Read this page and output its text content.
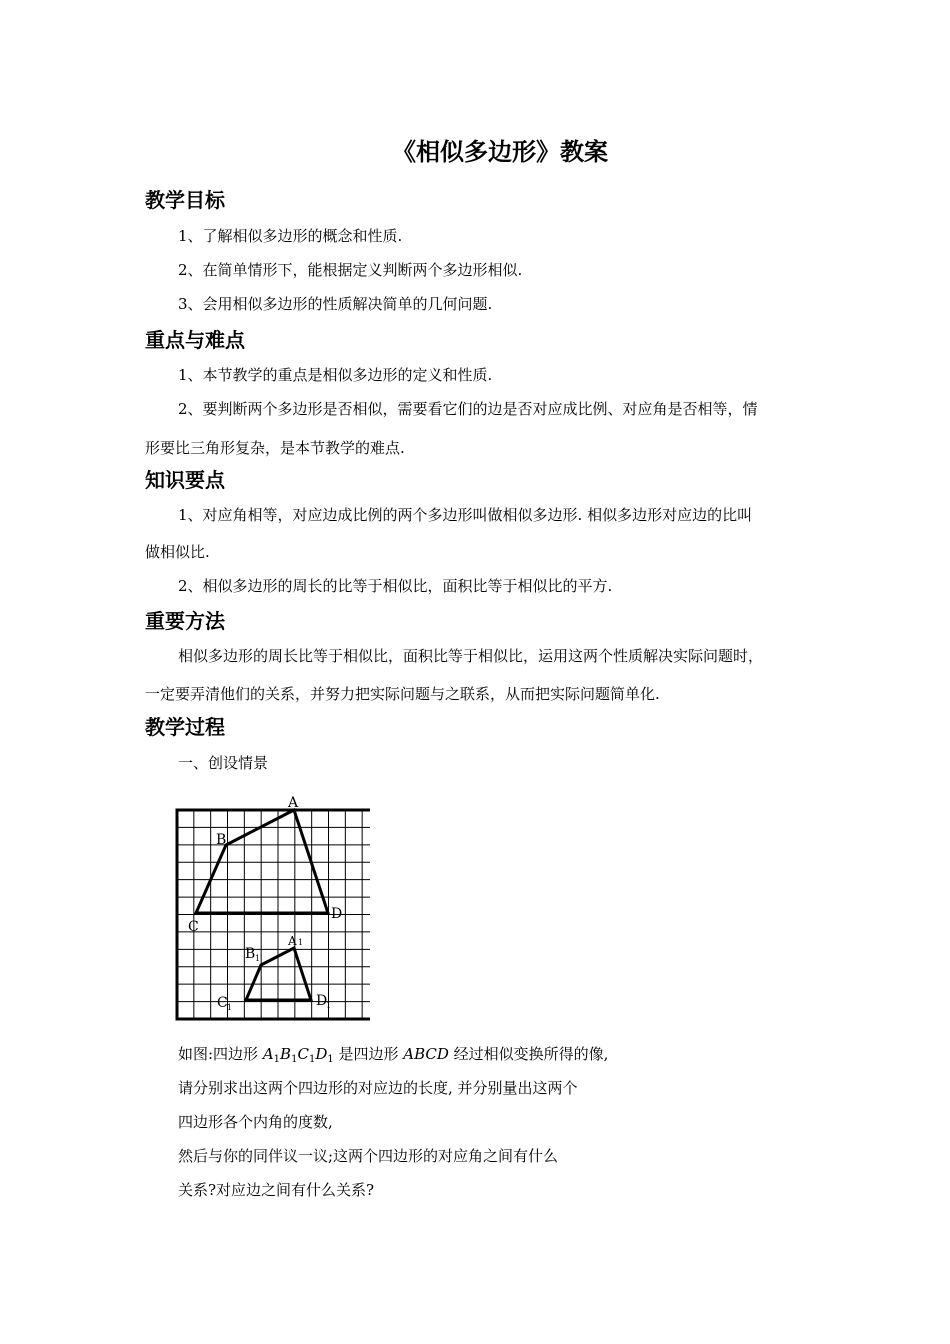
《相似多边形》教案
教学目标
1、了解相似多边形的概念和性质.
2、在简单情形下，能根据定义判断两个多边形相似.
3、会用相似多边形的性质解决简单的几何问题.
重点与难点
1、本节教学的重点是相似多边形的定义和性质.
2、要判断两个多边形是否相似，需要看它们的边是否对应成比例、对应角是否相等，情
形要比三角形复杂，是本节教学的难点.
知识要点
1、对应角相等，对应边成比例的两个多边形叫做相似多边形. 相似多边形对应边的比叫
做相似比.
2、相似多边形的周长的比等于相似比，面积比等于相似比的平方.
重要方法
相似多边形的周长比等于相似比，面积比等于相似比，运用这两个性质解决实际问题时，
一定要弄清他们的关系，并努力把实际问题与之联系，从而把实际问题简单化.
教学过程
一、创设情景
A
B
C
D
A 1
B 1
C 1	D
1
如图:四边形 $A_1B_1C_1D_1$ 是四边形 ABCD 经过相似变换所得的像,
请分别求出这两个四边形的对应边的长度, 并分别量出这两个
四边形各个内角的度数,
然后与你的同伴议一议;这两个四边形的对应角之间有什么
关系?对应边之间有什么关系?
